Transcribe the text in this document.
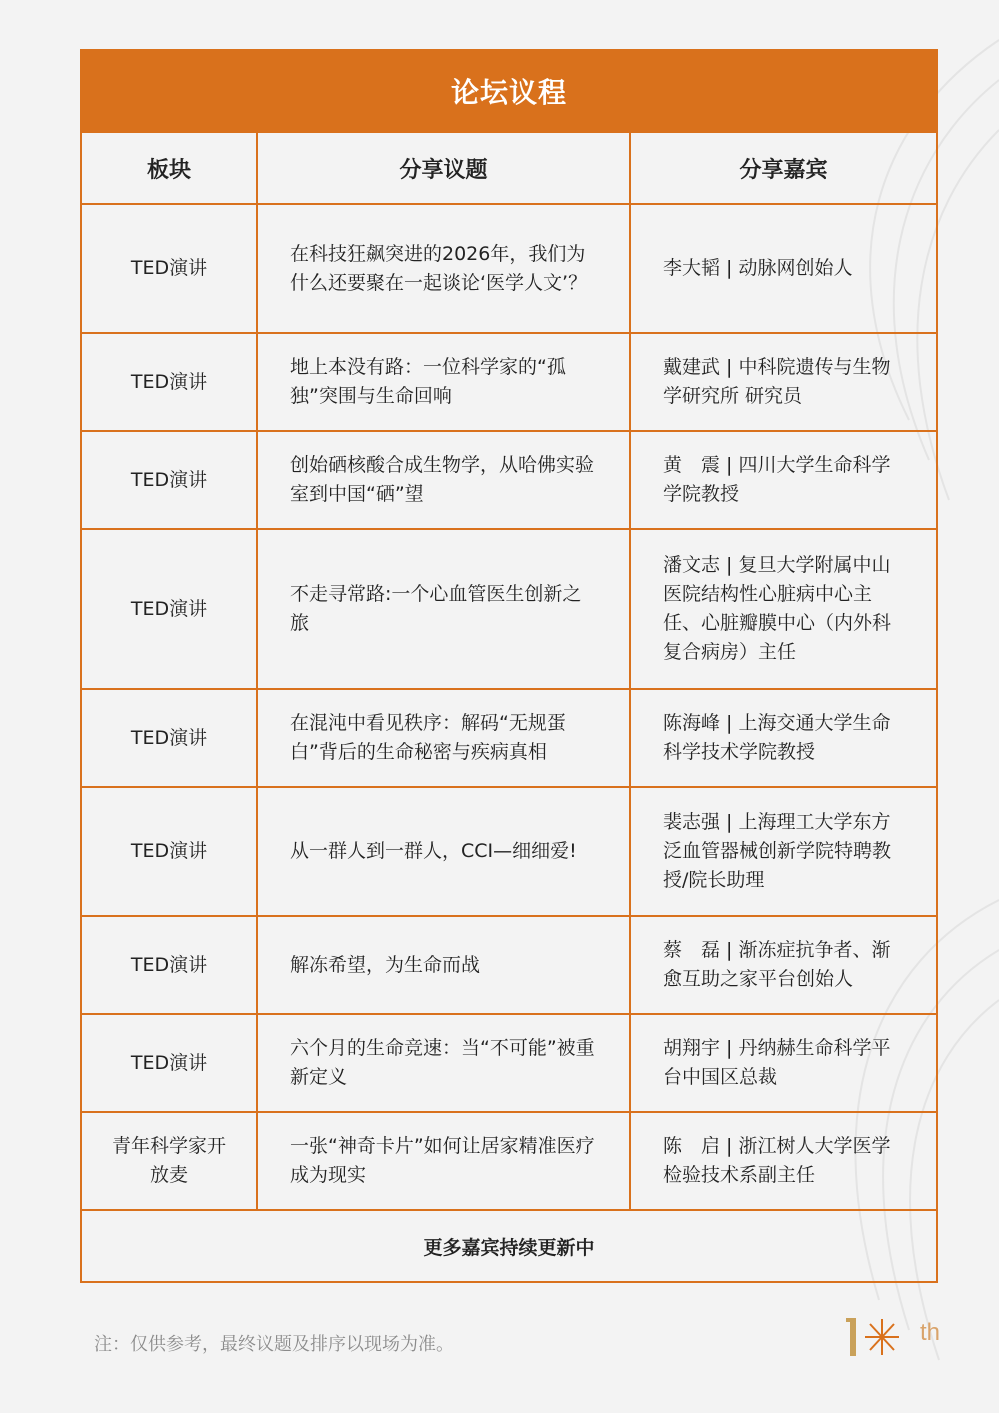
论坛议程		
板块	分享议题	分享嘉宾
TED演讲	在科技狂飙突进的2026年，我们为什么还要聚在一起谈论‘医学人文’？	李大韬 | 动脉网创始人
TED演讲	地上本没有路：一位科学家的“孤独”突围与生命回响	戴建武 | 中科院遗传与生物学研究所 研究员
TED演讲	创始硒核酸合成生物学，从哈佛实验室到中国“硒”望	黄　震 | 四川大学生命科学学院教授
TED演讲	不走寻常路:一个心血管医生创新之旅	潘文志 | 复旦大学附属中山医院结构性心脏病中心主任、心脏瓣膜中心（内外科复合病房）主任
TED演讲	在混沌中看见秩序：解码“无规蛋白”背后的生命秘密与疾病真相	陈海峰 | 上海交通大学生命科学技术学院教授
TED演讲	从一群人到一群人，CCI—细细爱!	裴志强 | 上海理工大学东方泛血管器械创新学院特聘教授/院长助理
TED演讲	解冻希望，为生命而战	蔡　磊 | 渐冻症抗争者、渐愈互助之家平台创始人
TED演讲	六个月的生命竞速：当“不可能”被重新定义	胡翔宇 | 丹纳赫生命科学平台中国区总裁
青年科学家开放麦	一张“神奇卡片”如何让居家精准医疗成为现实	陈　启 | 浙江树人大学医学检验技术系副主任
更多嘉宾持续更新中		
注：仅供参考，最终议题及排序以现场为准。	th
